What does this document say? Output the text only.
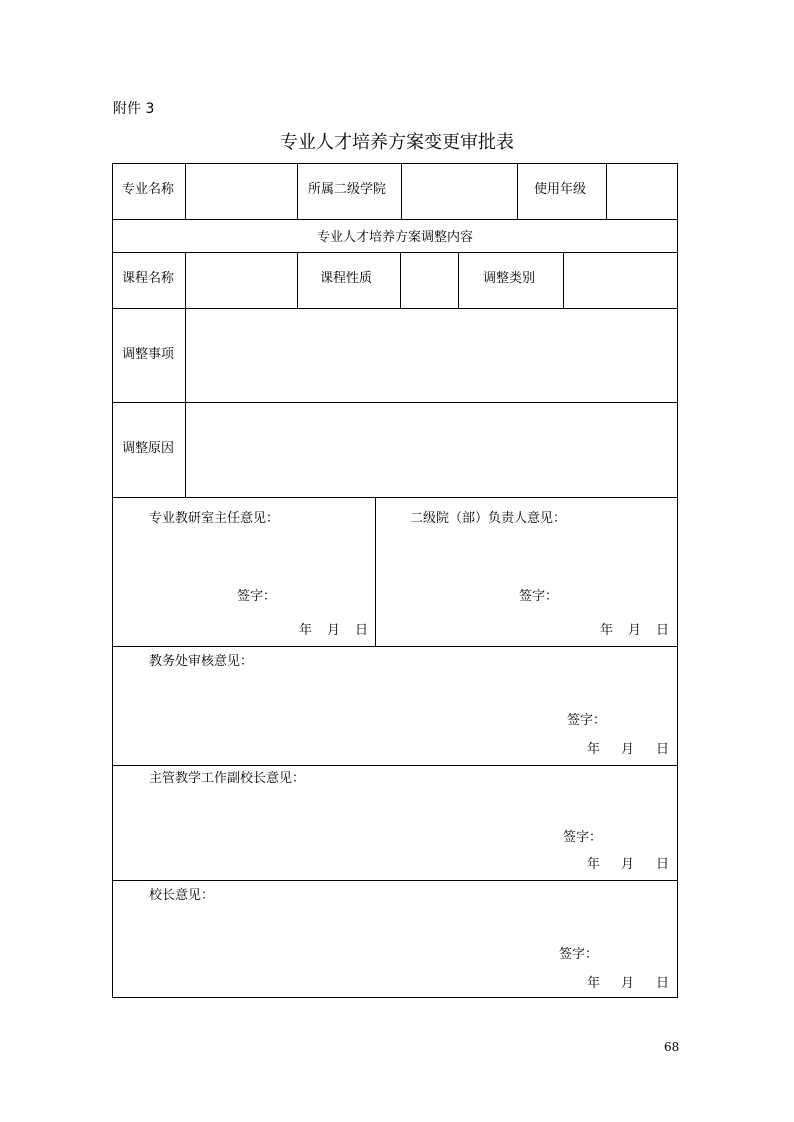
附件 3
专业人才培养方案变更审批表
专业名称	所属二级学院	使用年级
专业人才培养方案调整内容
课程名称	课程性质	调整类别
调整事项
调整原因
专业教研室主任意见：
签字：
年 月 日
二级院（部）负责人意见：
签字：
年 月 日
教务处审核意见：
签字：
年 月 日
主管教学工作副校长意见：
签字：
年 月 日
校长意见：
签字：
年 月 日
68
